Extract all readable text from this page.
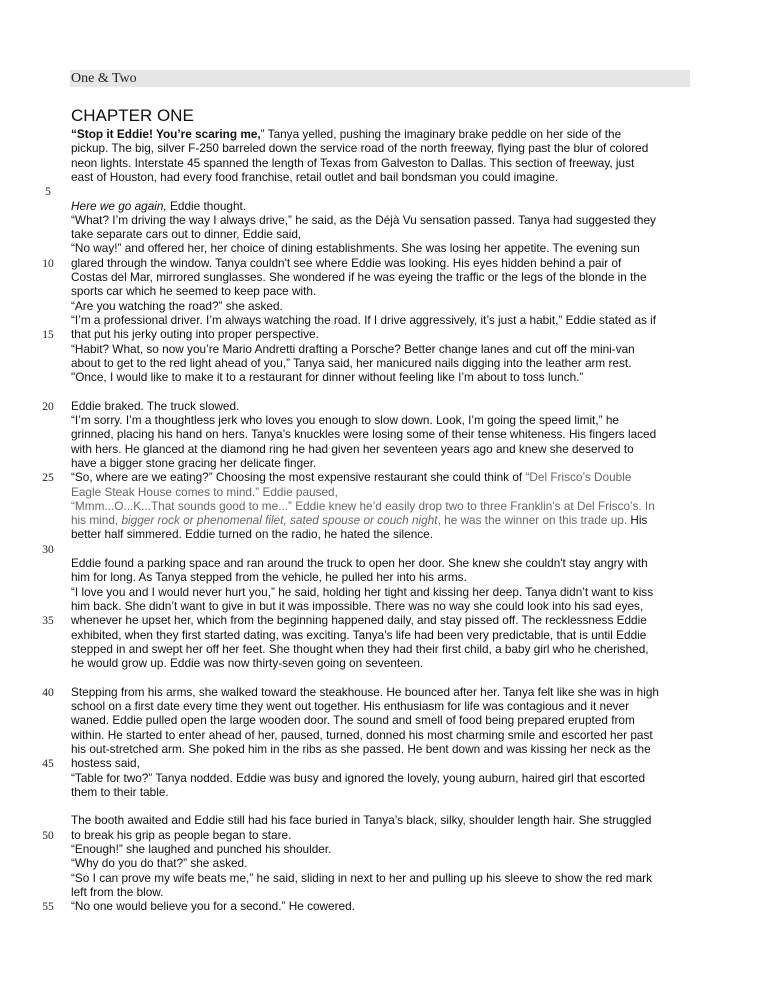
One & Two
CHAPTER ONE
“Stop it Eddie! You’re scaring me,” Tanya yelled, pushing the imaginary brake peddle on her side of the
pickup. The big, silver F-250 barreled down the service road of the north freeway, flying past the blur of colored
neon lights. Interstate 45 spanned the length of Texas from Galveston to Dallas. This section of freeway, just
east of Houston, had every food franchise, retail outlet and bail bondsman you could imagine.
Here we go again, Eddie thought.
“What? I’m driving the way I always drive,” he said, as the Déjà Vu sensation passed. Tanya had suggested they
take separate cars out to dinner, Eddie said,
“No way!” and offered her, her choice of dining establishments. She was losing her appetite. The evening sun
glared through the window. Tanya couldn't see where Eddie was looking. His eyes hidden behind a pair of
Costas del Mar, mirrored sunglasses. She wondered if he was eyeing the traffic or the legs of the blonde in the
sports car which he seemed to keep pace with.
“Are you watching the road?” she asked.
“I’m a professional driver. I’m always watching the road. If I drive aggressively, it’s just a habit,” Eddie stated as if
that put his jerky outing into proper perspective.
“Habit? What, so now you’re Mario Andretti drafting a Porsche? Better change lanes and cut off the mini-van
about to get to the red light ahead of you,” Tanya said, her manicured nails digging into the leather arm rest.
"Once, I would like to make it to a restaurant for dinner without feeling like I’m about to toss lunch.”
Eddie braked. The truck slowed.
“I’m sorry. I’m a thoughtless jerk who loves you enough to slow down. Look, I’m going the speed limit,” he
grinned, placing his hand on hers. Tanya’s knuckles were losing some of their tense whiteness. His fingers laced
with hers. He glanced at the diamond ring he had given her seventeen years ago and knew she deserved to
have a bigger stone gracing her delicate finger.
“So, where are we eating?” Choosing the most expensive restaurant she could think of “Del Frisco’s Double
Eagle Steak House comes to mind.” Eddie paused,
“Mmm...O...K...That sounds good to me...” Eddie knew he’d easily drop two to three Franklin’s at Del Frisco’s. In
his mind, bigger rock or phenomenal filet, sated spouse or couch night, he was the winner on this trade up. His
better half simmered. Eddie turned on the radio, he hated the silence.
Eddie found a parking space and ran around the truck to open her door. She knew she couldn't stay angry with
him for long. As Tanya stepped from the vehicle, he pulled her into his arms.
“I love you and I would never hurt you,” he said, holding her tight and kissing her deep. Tanya didn’t want to kiss
him back. She didn’t want to give in but it was impossible. There was no way she could look into his sad eyes,
whenever he upset her, which from the beginning happened daily, and stay pissed off. The recklessness Eddie
exhibited, when they first started dating, was exciting. Tanya’s life had been very predictable, that is until Eddie
stepped in and swept her off her feet. She thought when they had their first child, a baby girl who he cherished,
he would grow up. Eddie was now thirty-seven going on seventeen.
Stepping from his arms, she walked toward the steakhouse. He bounced after her. Tanya felt like she was in high
school on a first date every time they went out together. His enthusiasm for life was contagious and it never
waned. Eddie pulled open the large wooden door. The sound and smell of food being prepared erupted from
within. He started to enter ahead of her, paused, turned, donned his most charming smile and escorted her past
his out-stretched arm. She poked him in the ribs as she passed. He bent down and was kissing her neck as the
hostess said,
“Table for two?” Tanya nodded. Eddie was busy and ignored the lovely, young auburn, haired girl that escorted
them to their table.
The booth awaited and Eddie still had his face buried in Tanya’s black, silky, shoulder length hair. She struggled
to break his grip as people began to stare.
“Enough!” she laughed and punched his shoulder.
“Why do you do that?” she asked.
“So I can prove my wife beats me,” he said, sliding in next to her and pulling up his sleeve to show the red mark
left from the blow.
“No one would believe you for a second.” He cowered.
5
10
15
20
25
30
35
40
45
50
55
